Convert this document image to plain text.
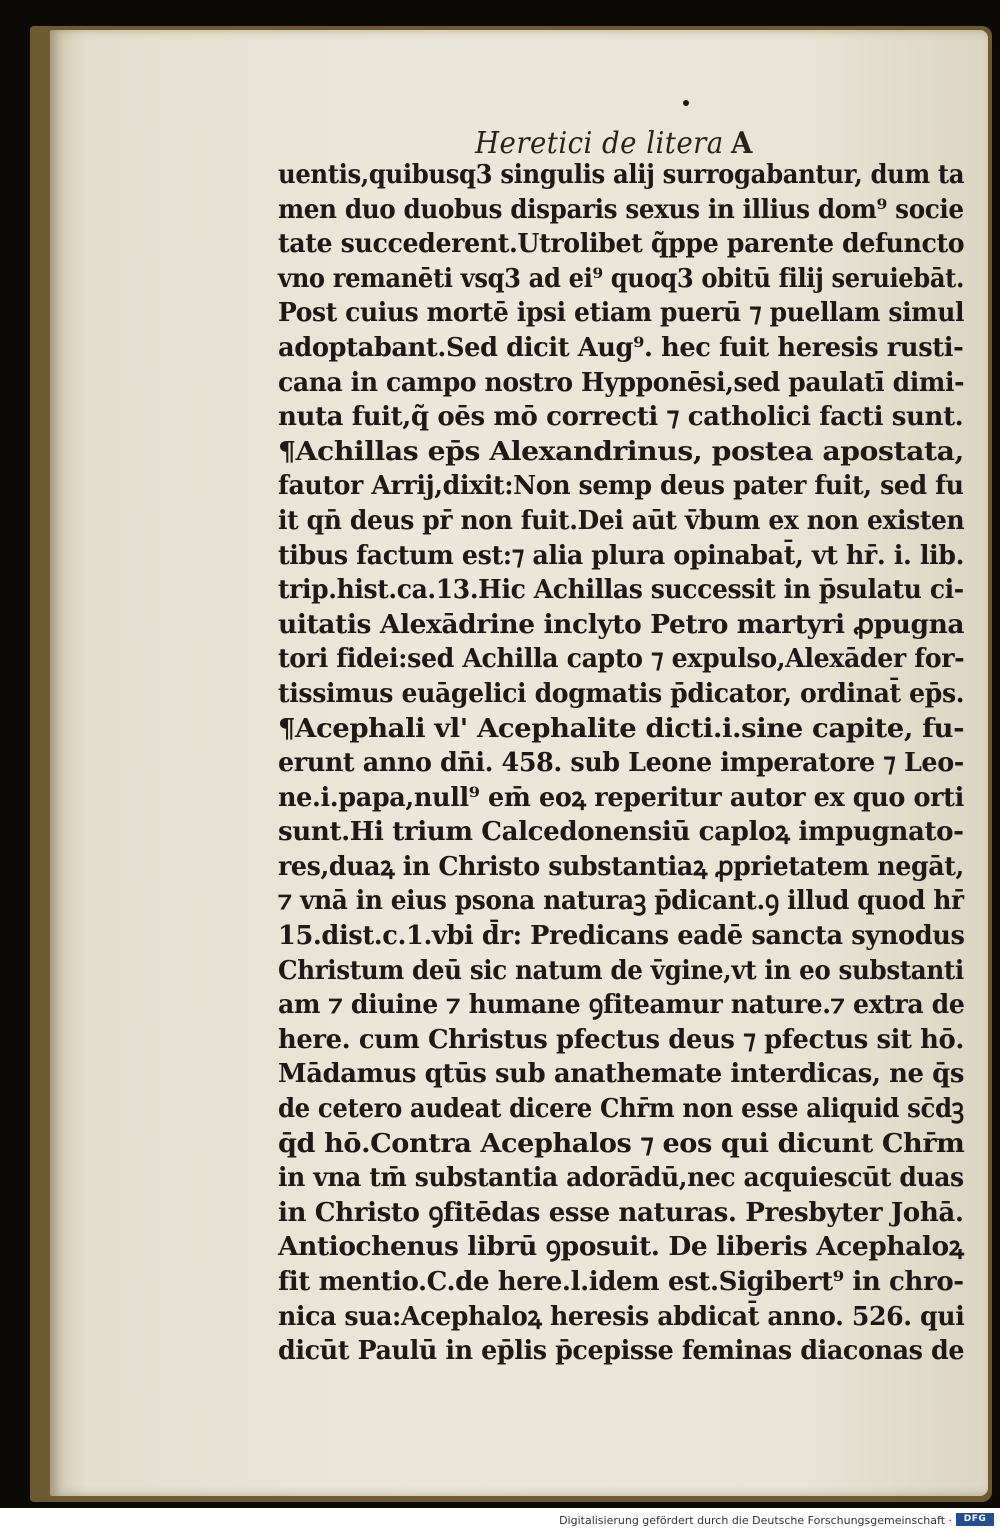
Heretici de litera A
uentis,quibusq3 singulis alij surrogabantur, dum ta
men duo duobus disparis sexus in illius dom⁹ socie
tate succederent.Utrolibet q̃ppe parente defuncto
vno remanēti vsq3 ad ei⁹ quoq3 obitū filij seruiebāt.
Post cuius mortē ipsi etiam puerū ⁊ puellam simul
adoptabant.Sed dicit Aug⁹. hec fuit heresis rusti-
cana in campo nostro Hypponēsi,sed paulatī dimi-
nuta fuit,q̃ oēs mō correcti ⁊ catholici facti sunt.
¶Achillas ep̄s Alexandrinus, postea apostata,
fautor Arrij,dixit:Non semp deus pater fuit, sed fu
it qn̄ deus pr̄ non fuit.Dei aūt v̄bum ex non existen
tibus factum est:⁊ alia plura opinabat̄, vt hr̄. i. lib.
trip.hist.ca.13.Hic Achillas successit in p̄sulatu ci-
uitatis Alexādrine inclyto Petro martyri ꝓpugna
tori fidei:sed Achilla capto ⁊ expulso,Alexāder for-
tissimus euāgelici dogmatis p̄dicator, ordinat̄ ep̄s.
¶Acephali vl' Acephalite dicti.i.sine capite, fu-
erunt anno dn̄i. 458. sub Leone imperatore ⁊ Leo-
ne.i.papa,null⁹ em̄ eoꝝ reperitur autor ex quo orti
sunt.Hi trium Calcedonensiū caploꝝ impugnato-
res,duaꝝ in Christo substantiaꝝ ꝓprietatem negāt,
⁊ vnā in eius psona naturaꝫ p̄dicant.ꝯ illud quod hr̄
15.dist.c.1.vbi d̄r: Predicans eadē sancta synodus
Christum deū sic natum de v̄gine,vt in eo substanti
am ⁊ diuine ⁊ humane ꝯfiteamur nature.⁊ extra de
here. cum Christus pfectus deus ⁊ pfectus sit hō.
Mādamus qtūs sub anathemate interdicas, ne q̄s
de cetero audeat dicere Chr̄m non esse aliquid sc̄dꝫ
q̄d hō.Contra Acephalos ⁊ eos qui dicunt Chr̄m
in vna tm̄ substantia adorādū,nec acquiescūt duas
in Christo ꝯfitēdas esse naturas. Presbyter Johā.
Antiochenus librū ꝯposuit. De liberis Acephaloꝝ
fit mentio.C.de here.l.idem est.Sigibert⁹ in chro-
nica sua:Acephaloꝝ heresis abdicat̄ anno. 526. qui
dicūt Paulū in ep̄lis p̄cepisse feminas diaconas de
Digitalisierung gefördert durch die Deutsche Forschungsgemeinschaft ·	DFG
